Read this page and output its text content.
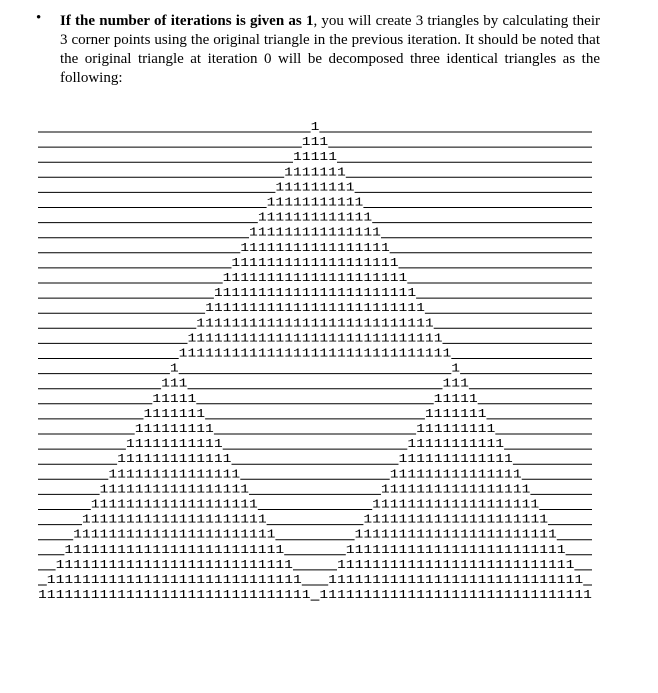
• If the number of iterations is given as 1, you will create 3 triangles by calculating their 3 corner points using the original triangle in the previous iteration. It should be noted that the original triangle at iteration 0 will be decomposed three identical triangles as the following:
1
111
11111
1111111
111111111
11111111111
1111111111111
111111111111111
11111111111111111
1111111111111111111
111111111111111111111
11111111111111111111111
1111111111111111111111111
111111111111111111111111111
11111111111111111111111111111
1111111111111111111111111111111
1	1
111	111
11111	11111
1111111	1111111
111111111	111111111
11111111111	11111111111
1111111111111	1111111111111
111111111111111	111111111111111
11111111111111111	11111111111111111
1111111111111111111	1111111111111111111
111111111111111111111	111111111111111111111
11111111111111111111111	11111111111111111111111
1111111111111111111111111	1111111111111111111111111
111111111111111111111111111	111111111111111111111111111
11111111111111111111111111111 11111111111111111111111111111
1111111111111111111111111111111 1111111111111111111111111111111
